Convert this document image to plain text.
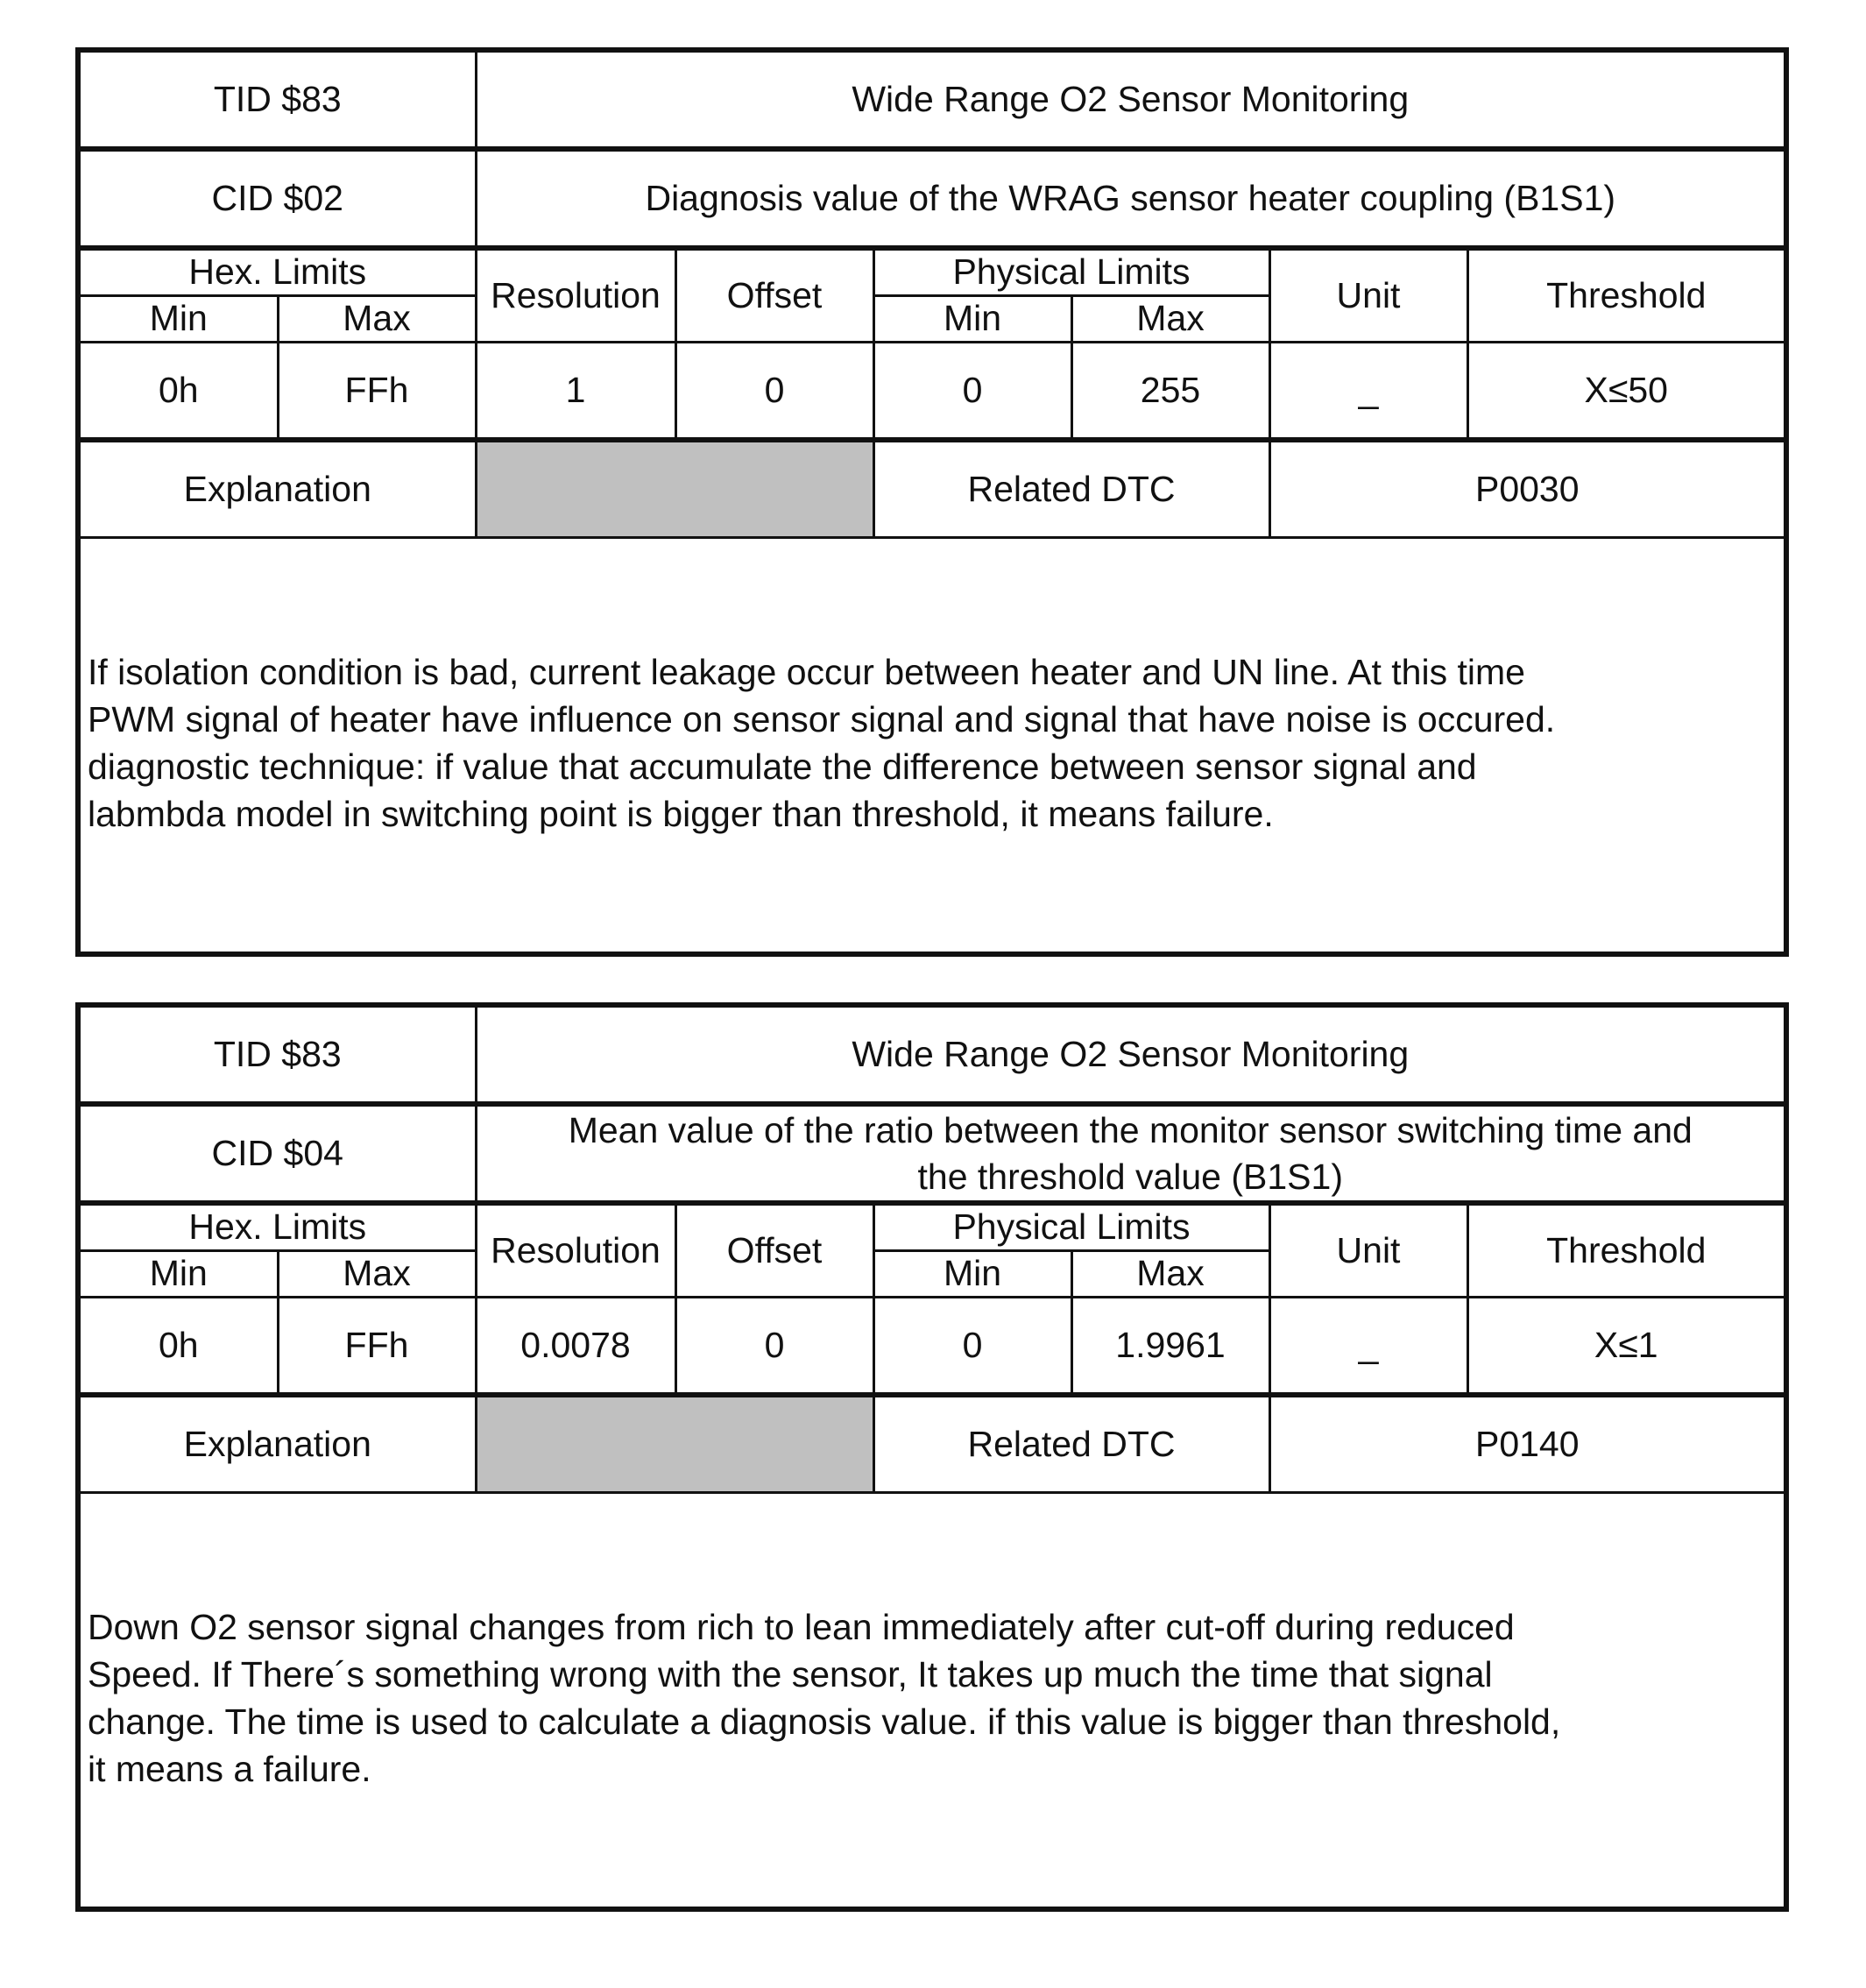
TID $83		Wide Range O2 Sensor Monitoring					
CID $02		Diagnosis value of the WRAG sensor heater coupling (B1S1)					
Hex. Limits		Resolution	Offset	Physical Limits		Unit	Threshold
Min	Max			Min	Max		
0h	FFh	1	0	0	255	_	X≤50
Explanation				Related DTC		P0030	
If isolation condition is bad, current leakage occur between heater and UN line. At this time
PWM signal of heater have influence on sensor signal and signal that have noise is occured.
diagnostic technique: if value that accumulate the difference between sensor signal and
labmbda model in switching point is bigger than threshold, it means failure.
TID $83		Wide Range O2 Sensor Monitoring					
CID $04		Mean value of the ratio between the monitor sensor switching time and
the threshold value (B1S1)					

Hex. Limits		Resolution	Offset	Physical Limits		Unit	Threshold
Min	Max			Min	Max		
0h	FFh	0.0078	0	0	1.9961	_	X≤1
Explanation				Related DTC		P0140	
Down O2 sensor signal changes from rich to lean immediately after cut-off during reduced
Speed. If There´s something wrong with the sensor, It takes up much the time that signal
change. The time is used to calculate a diagnosis value. if this value is bigger than threshold,
it means a failure.
